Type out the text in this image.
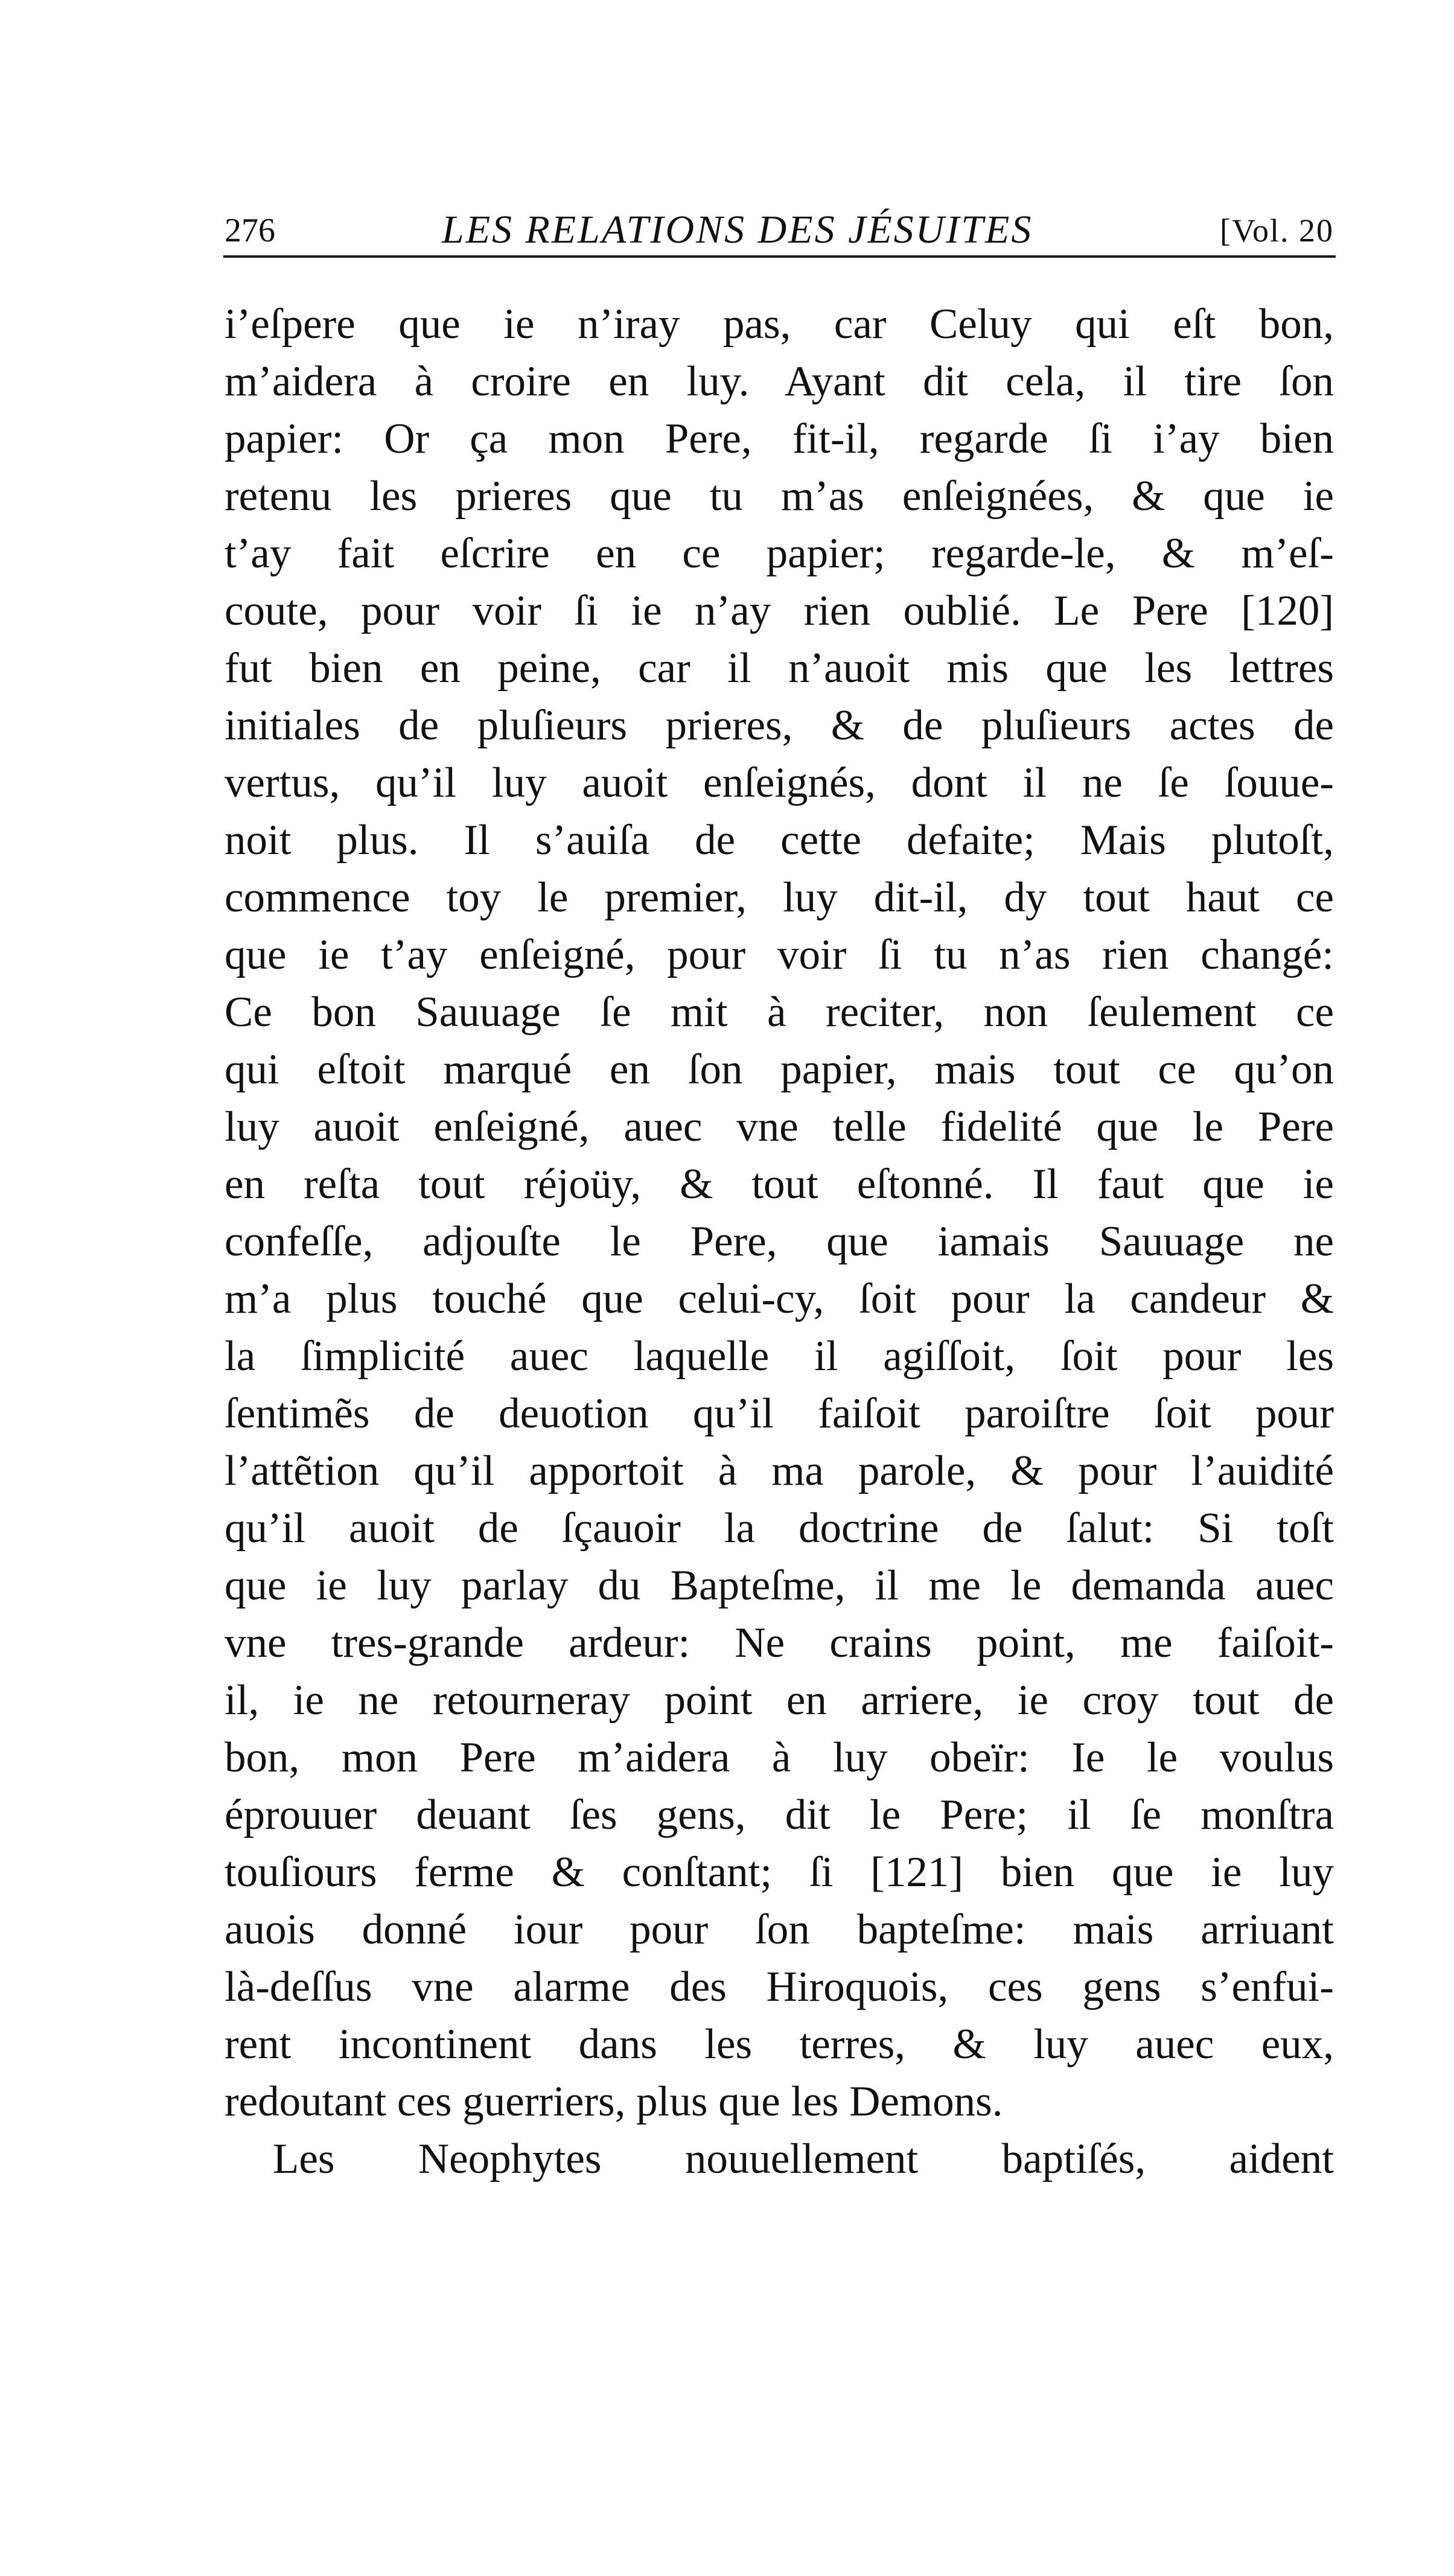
276	LES RELATIONS DES JÉSUITES	[Vol. 20
i’eſpere que ie n’iray pas, car Celuy qui eſt bon,
m’aidera à croire en luy. Ayant dit cela, il tire ſon
papier: Or ça mon Pere, fit-il, regarde ſi i’ay bien
retenu les prieres que tu m’as enſeignées, & que ie
t’ay fait eſcrire en ce papier; regarde-le, & m’eſ-
coute, pour voir ſi ie n’ay rien oublié. Le Pere [120]
fut bien en peine, car il n’auoit mis que les lettres
initiales de pluſieurs prieres, & de pluſieurs actes de
vertus, qu’il luy auoit enſeignés, dont il ne ſe ſouue-
noit plus. Il s’auiſa de cette defaite; Mais plutoſt,
commence toy le premier, luy dit-il, dy tout haut ce
que ie t’ay enſeigné, pour voir ſi tu n’as rien changé:
Ce bon Sauuage ſe mit à reciter, non ſeulement ce
qui eſtoit marqué en ſon papier, mais tout ce qu’on
luy auoit enſeigné, auec vne telle fidelité que le Pere
en reſta tout réjoüy, & tout eſtonné. Il faut que ie
confeſſe, adjouſte le Pere, que iamais Sauuage ne
m’a plus touché que celui-cy, ſoit pour la candeur &
la ſimplicité auec laquelle il agiſſoit, ſoit pour les
ſentimẽs de deuotion qu’il faiſoit paroiſtre ſoit pour
l’attẽtion qu’il apportoit à ma parole, & pour l’auidité
qu’il auoit de ſçauoir la doctrine de ſalut: Si toſt
que ie luy parlay du Bapteſme, il me le demanda auec
vne tres-grande ardeur: Ne crains point, me faiſoit-
il, ie ne retourneray point en arriere, ie croy tout de
bon, mon Pere m’aidera à luy obeïr: Ie le voulus
éprouuer deuant ſes gens, dit le Pere; il ſe monſtra
touſiours ferme & conſtant; ſi [121] bien que ie luy
auois donné iour pour ſon bapteſme: mais arriuant
là-deſſus vne alarme des Hiroquois, ces gens s’enfui-
rent incontinent dans les terres, & luy auec eux,
redoutant ces guerriers, plus que les Demons.
Les Neophytes nouuellement baptiſés, aident
